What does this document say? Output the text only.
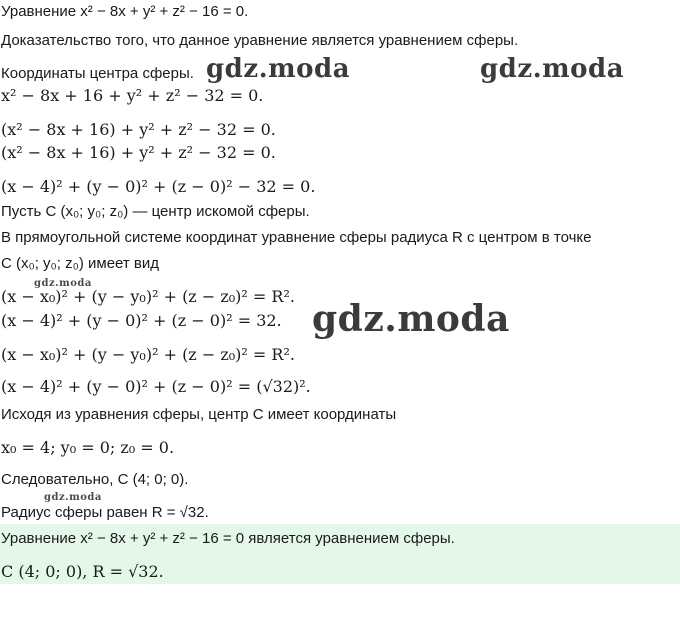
Уравнение x² − 8x + y² + z² − 16 = 0.
Доказательство того, что данное уравнение является уравнением сферы.
Координаты центра сферы.
x² − 8x + 16 + y² + z² − 32 = 0.
(x² − 8x + 16) + y² + z² − 32 = 0.
(x² − 8x + 16) + y² + z² − 32 = 0.
(x − 4)² + (y − 0)² + (z − 0)² − 32 = 0.
Пусть C (x₀; y₀; z₀) — центр искомой сферы.
В прямоугольной системе координат уравнение сферы радиуса R с центром в точке
C (x₀; y₀; z₀) имеет вид
(x − x₀)² + (y − y₀)² + (z − z₀)² = R².
(x − 4)² + (y − 0)² + (z − 0)² = 32.
(x − x₀)² + (y − y₀)² + (z − z₀)² = R².
(x − 4)² + (y − 0)² + (z − 0)² = (√32)².
Исходя из уравнения сферы, центр C имеет координаты
x₀ = 4; y₀ = 0; z₀ = 0.
Следовательно, C (4; 0; 0).
Радиус сферы равен R = √32.
Уравнение x² − 8x + y² + z² − 16 = 0 является уравнением сферы.
C (4; 0; 0), R = √32.
gdz.moda	gdz.moda
gdz.moda
gdz.moda
gdz.moda
